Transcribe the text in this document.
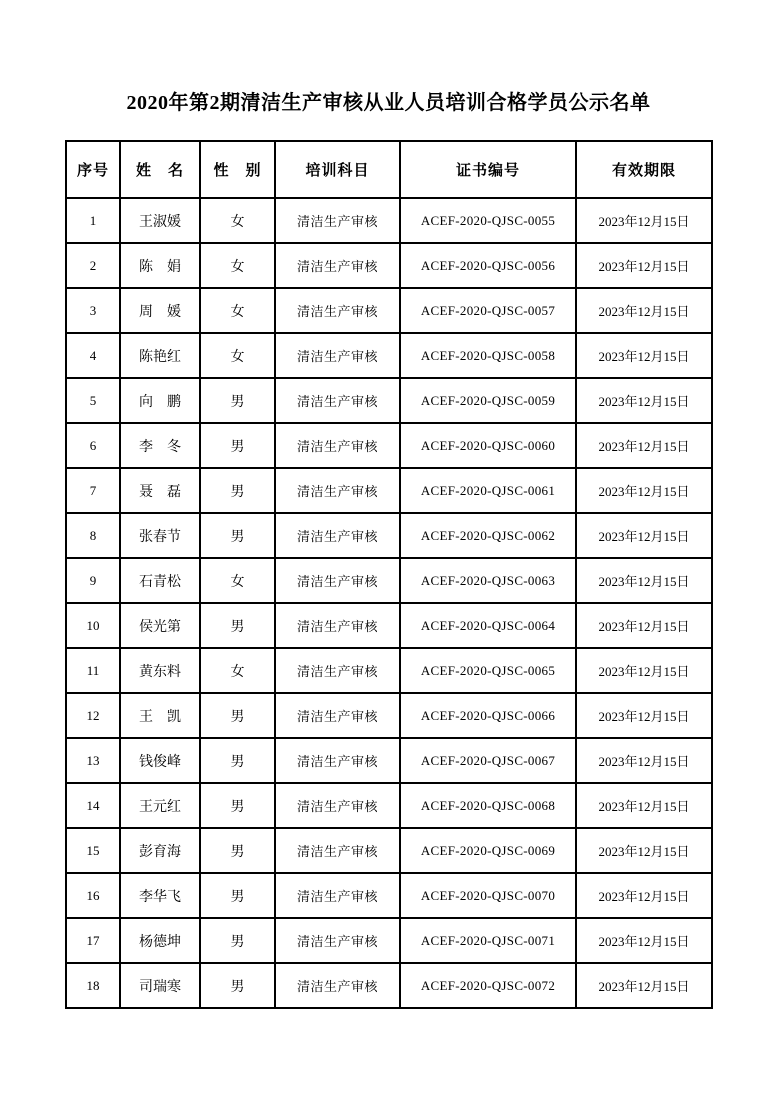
2020年第2期清洁生产审核从业人员培训合格学员公示名单
序号	姓　名	性　别	培训科目	证书编号	有效期限
1	王淑媛	女	清洁生产审核	ACEF-2020-QJSC-0055	2023年12月15日
2	陈　娟	女	清洁生产审核	ACEF-2020-QJSC-0056	2023年12月15日
3	周　媛	女	清洁生产审核	ACEF-2020-QJSC-0057	2023年12月15日
4	陈艳红	女	清洁生产审核	ACEF-2020-QJSC-0058	2023年12月15日
5	向　鹏	男	清洁生产审核	ACEF-2020-QJSC-0059	2023年12月15日
6	李　冬	男	清洁生产审核	ACEF-2020-QJSC-0060	2023年12月15日
7	聂　磊	男	清洁生产审核	ACEF-2020-QJSC-0061	2023年12月15日
8	张春节	男	清洁生产审核	ACEF-2020-QJSC-0062	2023年12月15日
9	石青松	女	清洁生产审核	ACEF-2020-QJSC-0063	2023年12月15日
10	侯光第	男	清洁生产审核	ACEF-2020-QJSC-0064	2023年12月15日
11	黄东料	女	清洁生产审核	ACEF-2020-QJSC-0065	2023年12月15日
12	王　凯	男	清洁生产审核	ACEF-2020-QJSC-0066	2023年12月15日
13	钱俊峰	男	清洁生产审核	ACEF-2020-QJSC-0067	2023年12月15日
14	王元红	男	清洁生产审核	ACEF-2020-QJSC-0068	2023年12月15日
15	彭育海	男	清洁生产审核	ACEF-2020-QJSC-0069	2023年12月15日
16	李华飞	男	清洁生产审核	ACEF-2020-QJSC-0070	2023年12月15日
17	杨德坤	男	清洁生产审核	ACEF-2020-QJSC-0071	2023年12月15日
18	司瑞寒	男	清洁生产审核	ACEF-2020-QJSC-0072	2023年12月15日
